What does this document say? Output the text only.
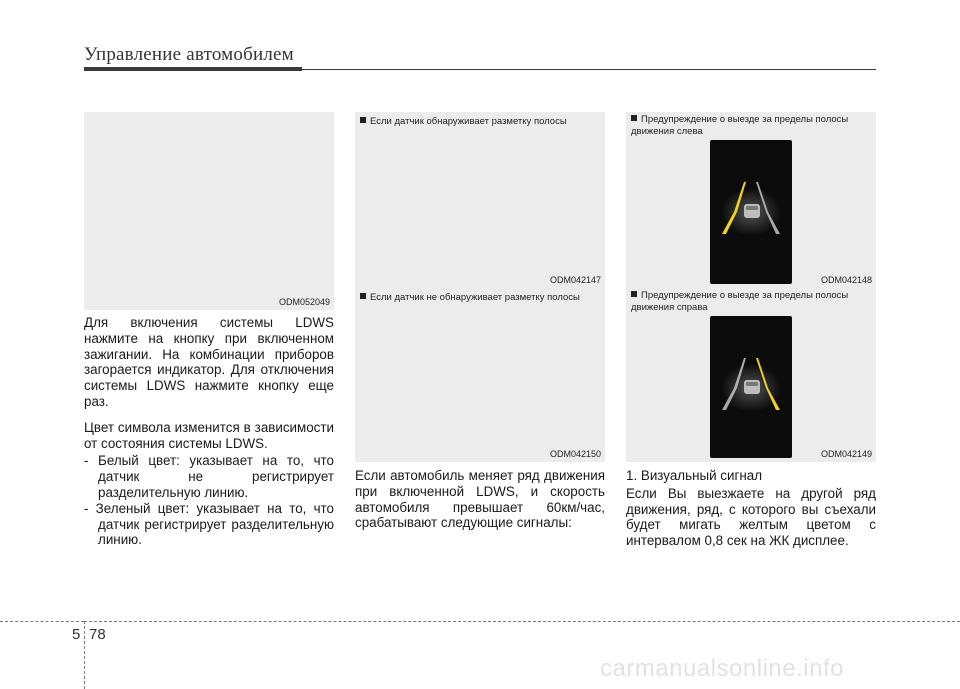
Управление автомобилем
ODM052049
Если датчик обнаруживает разметку полосы
ODM042147
Если датчик не обнаруживает разметку полосы
ODM042150
Предупреждение о выезде за пределы полосы движения слева
ODM042148
Предупреждение о выезде за пределы полосы движения справа
ODM042149

Для включения системы LDWS нажмите на кнопку при включенном зажигании. На комбинации приборов загорается индикатор. Для отключения системы LDWS нажмите кнопку еще раз.

Цвет символа изменится в зависимости от состояния системы LDWS.

- Белый цвет: указывает на то, что датчик не регистрирует разделительную линию.

- Зеленый цвет: указывает на то, что датчик регистрирует разделительную линию.

Если автомобиль меняет ряд движения при включенной LDWS, и скорость автомобиля превышает 60км/час, срабатывают следующие сигналы:

1. Визуальный сигнал

Если Вы выезжаете на другой ряд движения, ряд, с которого вы съехали будет мигать желтым цветом с интервалом 0,8 сек на ЖК дисплее.

5 78
carmanualsonline.info
